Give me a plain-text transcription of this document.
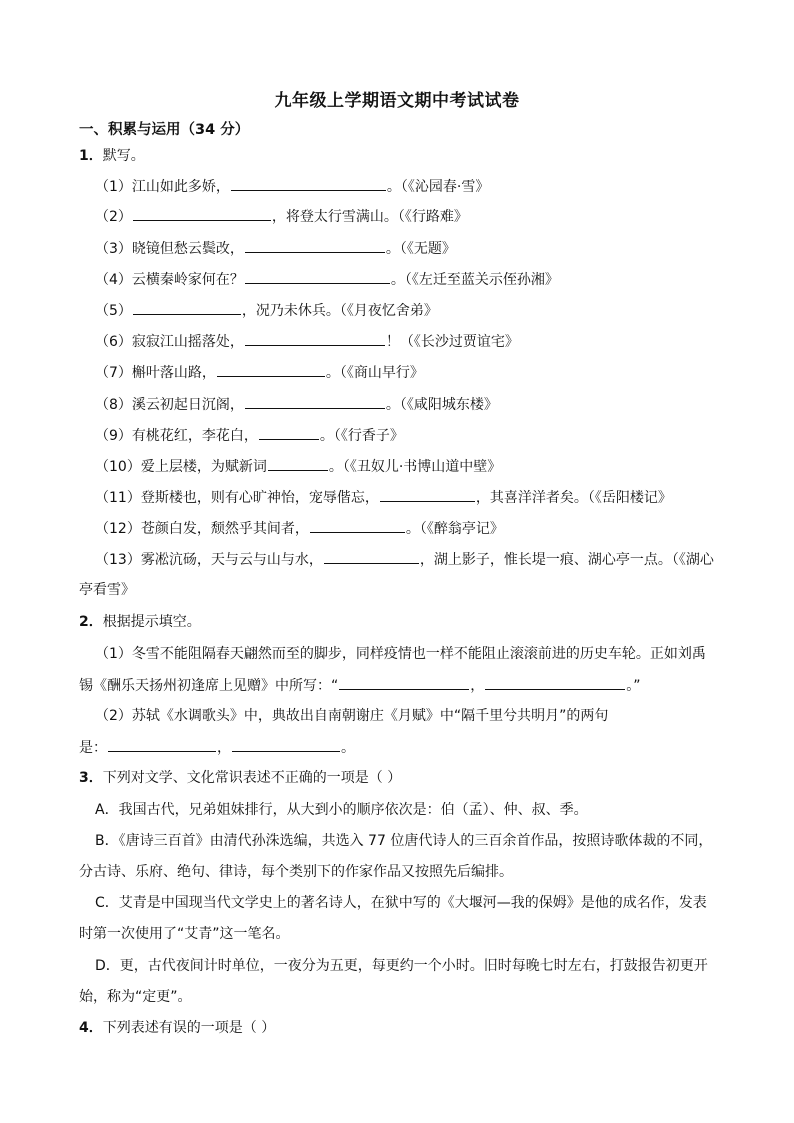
九年级上学期语文期中考试试卷
一、积累与运用（34 分）
1．默写。
（1）江山如此多娇，	。（《沁园春·雪》
（2）	，将登太行雪满山。（《行路难》
（3）晓镜但愁云鬓改，	。（《无题》
（4）云横秦岭家何在？	。（《左迁至蓝关示侄孙湘》
（5）	，况乃未休兵。（《月夜忆舍弟》
（6）寂寂江山摇落处，	！（《长沙过贾谊宅》
（7）槲叶落山路，	。（《商山早行》
（8）溪云初起日沉阁，	。（《咸阳城东楼》
（9）有桃花红，李花白，	。（《行香子》
（10）爱上层楼，为赋新词	。（《丑奴儿·书博山道中壁》
（11）登斯楼也，则有心旷神怡，宠辱偕忘，	，其喜洋洋者矣。（《岳阳楼记》
（12）苍颜白发，颓然乎其间者，	。（《醉翁亭记》
（13）雾凇沆砀，天与云与山与水，	，湖上影子，惟长堤一痕、湖心亭一点。（《湖心
亭看雪》
2．根据提示填空。
（1）冬雪不能阻隔春天翩然而至的脚步，同样疫情也一样不能阻止滚滚前进的历史车轮。正如刘禹
锡《酬乐天扬州初逢席上见赠》中所写：“	，	。”
（2）苏轼《水调歌头》中，典故出自南朝谢庄《月赋》中“隔千里兮共明月”的两句
是：	，	。
3．下列对文学、文化常识表述不正确的一项是（ ）
A．我国古代，兄弟姐妹排行，从大到小的顺序依次是：伯（孟）、仲、叔、季。
B．《唐诗三百首》由清代孙洙选编，共选入 77 位唐代诗人的三百余首作品，按照诗歌体裁的不同，
分古诗、乐府、绝句、律诗，每个类别下的作家作品又按照先后编排。
C．艾青是中国现当代文学史上的著名诗人，在狱中写的《大堰河—我的保姆》是他的成名作，发表
时第一次使用了“艾青”这一笔名。
D．更，古代夜间计时单位，一夜分为五更，每更约一个小时。旧时每晚七时左右，打鼓报告初更开
始，称为“定更”。
4．下列表述有误的一项是（ ）
